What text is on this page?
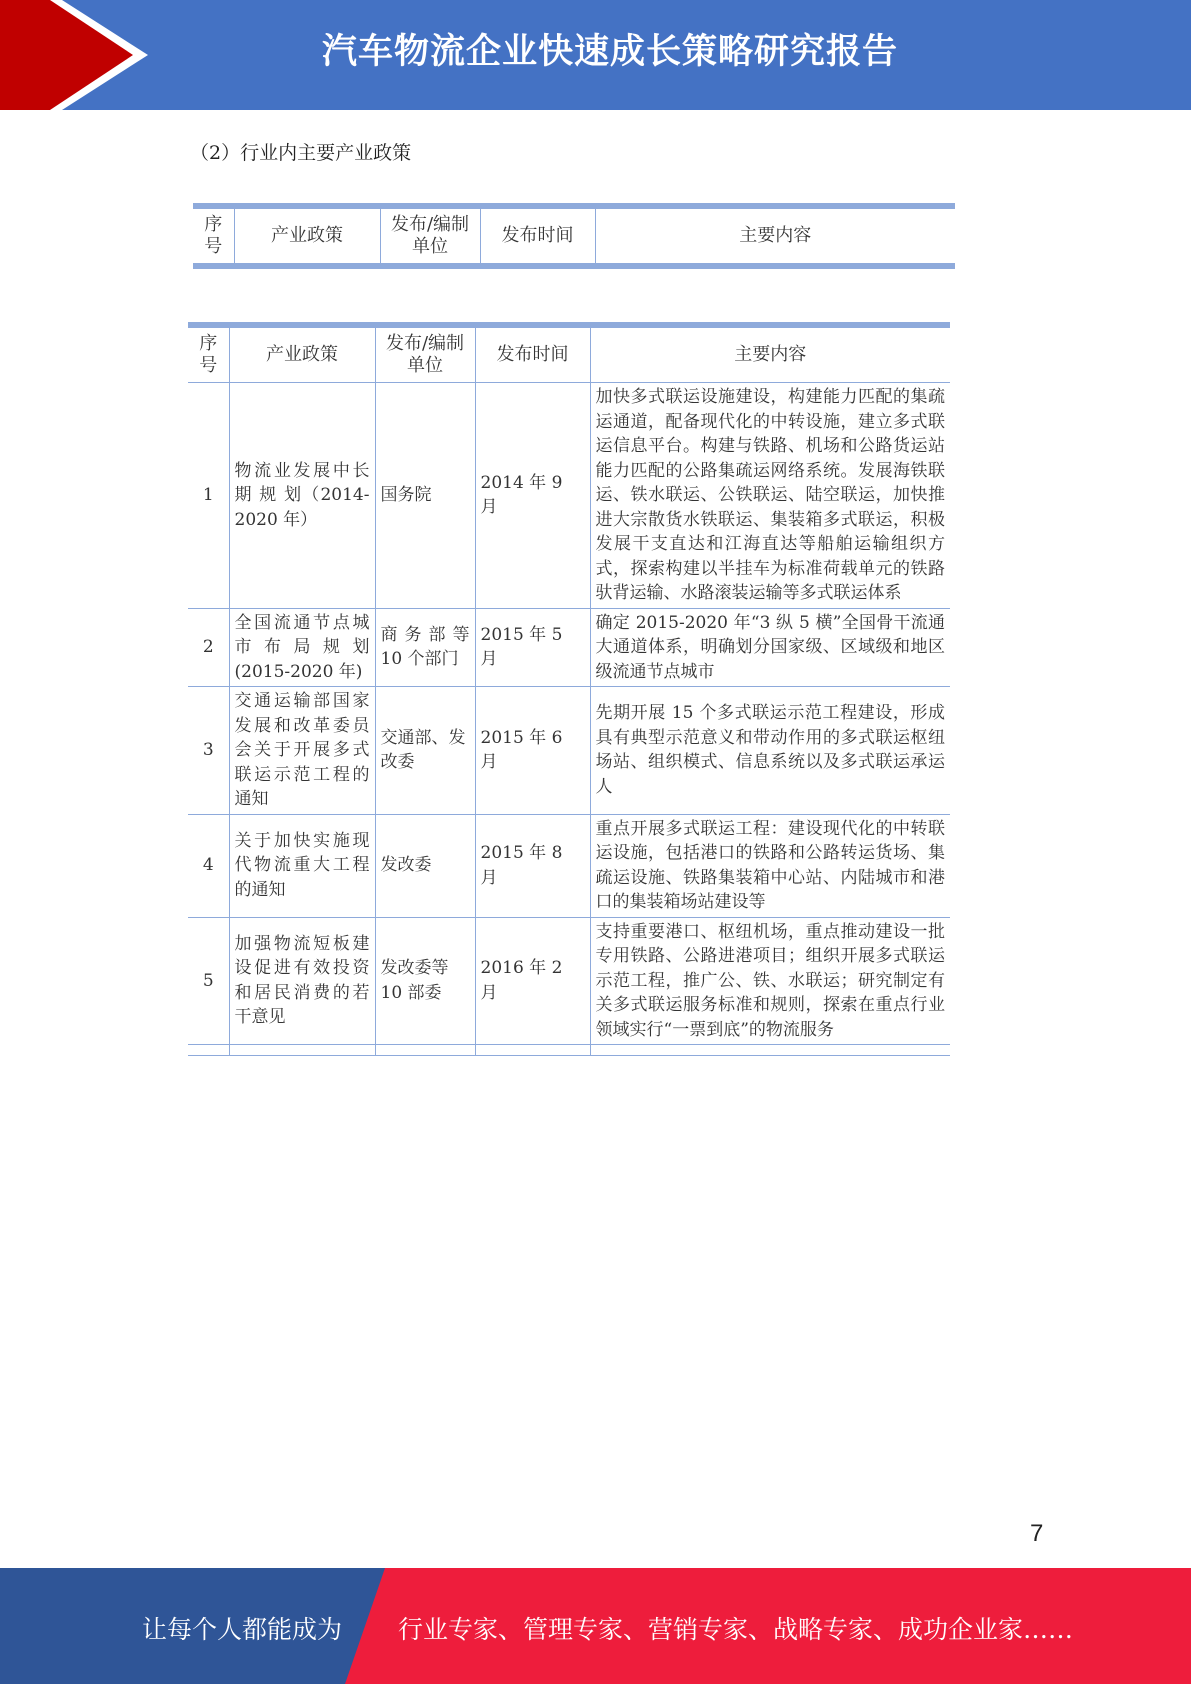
汽车物流企业快速成长策略研究报告
（2）行业内主要产业政策
序号	产业政策	发布/编制单位	发布时间	主要内容
序号	产业政策	发布/编制单位	发布时间	主要内容
1	物流业发展中长期 规 划（2014-2020 年）	国务院	2014 年 9 月	加快多式联运设施建设，构建能力匹配的集疏运通道，配备现代化的中转设施，建立多式联运信息平台。构建与铁路、机场和公路货运站能力匹配的公路集疏运网络系统。发展海铁联运、铁水联运、公铁联运、陆空联运，加快推进大宗散货水铁联运、集装箱多式联运，积极发展干支直达和江海直达等船舶运输组织方式，探索构建以半挂车为标准荷载单元的铁路驮背运输、水路滚装运输等多式联运体系
2	全国流通节点城市布局规划(2015-2020 年)	商务部等 10 个部门	2015 年 5 月	确定 2015-2020 年“3 纵 5 横”全国骨干流通大通道体系，明确划分国家级、区域级和地区级流通节点城市
3	交通运输部国家发展和改革委员会关于开展多式联运示范工程的通知	交通部、发改委	2015 年 6 月	先期开展 15 个多式联运示范工程建设，形成具有典型示范意义和带动作用的多式联运枢纽场站、组织模式、信息系统以及多式联运承运人
4	关于加快实施现代物流重大工程的通知	发改委	2015 年 8 月	重点开展多式联运工程：建设现代化的中转联运设施，包括港口的铁路和公路转运货场、集疏运设施、铁路集装箱中心站、内陆城市和港口的集装箱场站建设等
5	加强物流短板建设促进有效投资和居民消费的若干意见	发改委等 10 部委	2016 年 2 月	支持重要港口、枢纽机场，重点推动建设一批专用铁路、公路进港项目；组织开展多式联运示范工程，推广公、铁、水联运；研究制定有关多式联运服务标准和规则，探索在重点行业领域实行“一票到底”的物流服务

7
让每个人都能成为 行业专家、管理专家、营销专家、战略专家、成功企业家……
